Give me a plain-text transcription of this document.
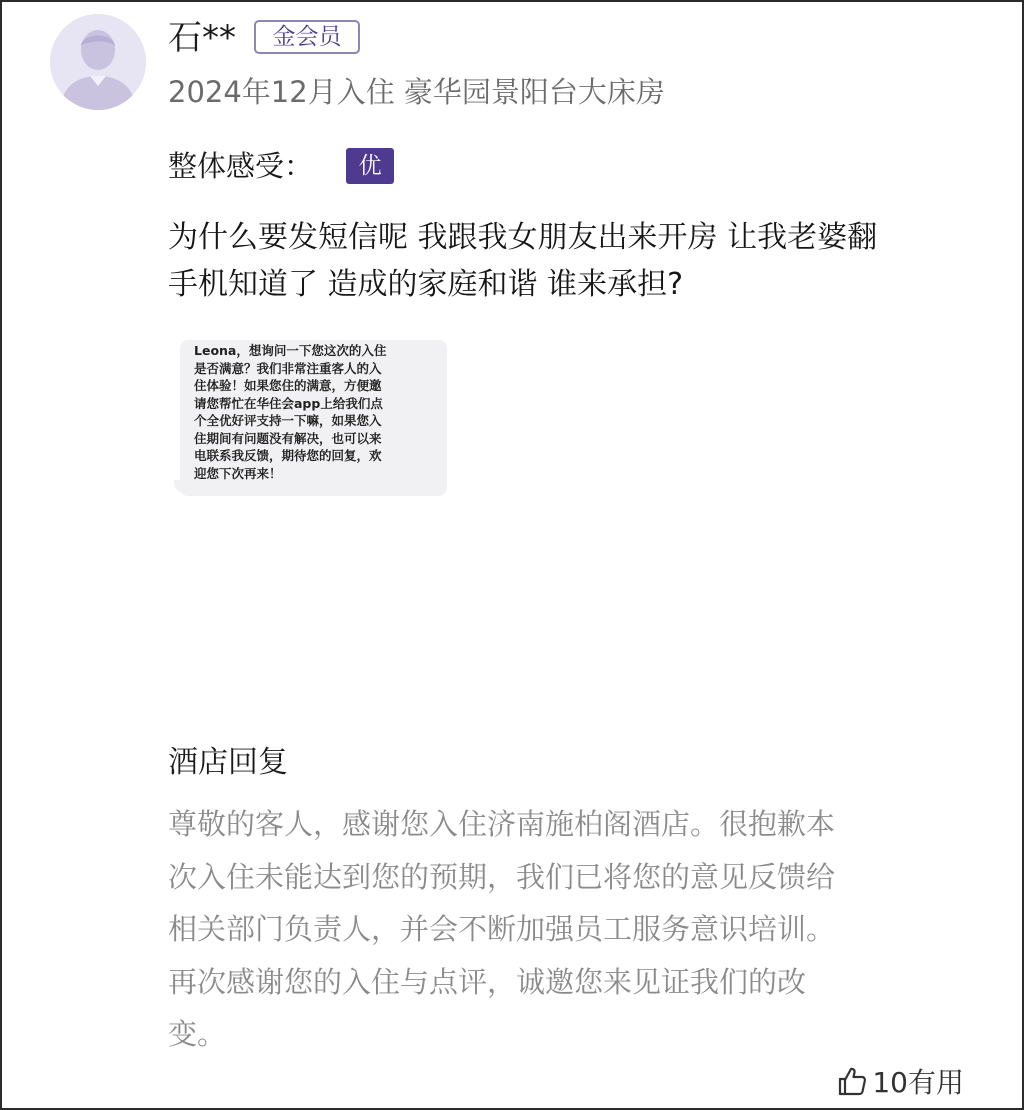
石**	金会员
2024年12月入住 豪华园景阳台大床房
整体感受：	优
为什么要发短信呢 我跟我女朋友出来开房 让我老婆翻
手机知道了 造成的家庭和谐 谁来承担?
Leona，想询问一下您这次的入住
是否满意？我们非常注重客人的入
住体验！如果您住的满意，方便邀
请您帮忙在华住会app上给我们点
个全优好评支持一下嘛，如果您入
住期间有问题没有解决，也可以来
电联系我反馈，期待您的回复，欢
迎您下次再来！
酒店回复
尊敬的客人，感谢您入住济南施柏阁酒店。很抱歉本
次入住未能达到您的预期，我们已将您的意见反馈给
相关部门负责人，并会不断加强员工服务意识培训。
再次感谢您的入住与点评，诚邀您来见证我们的改
变。
10有用
